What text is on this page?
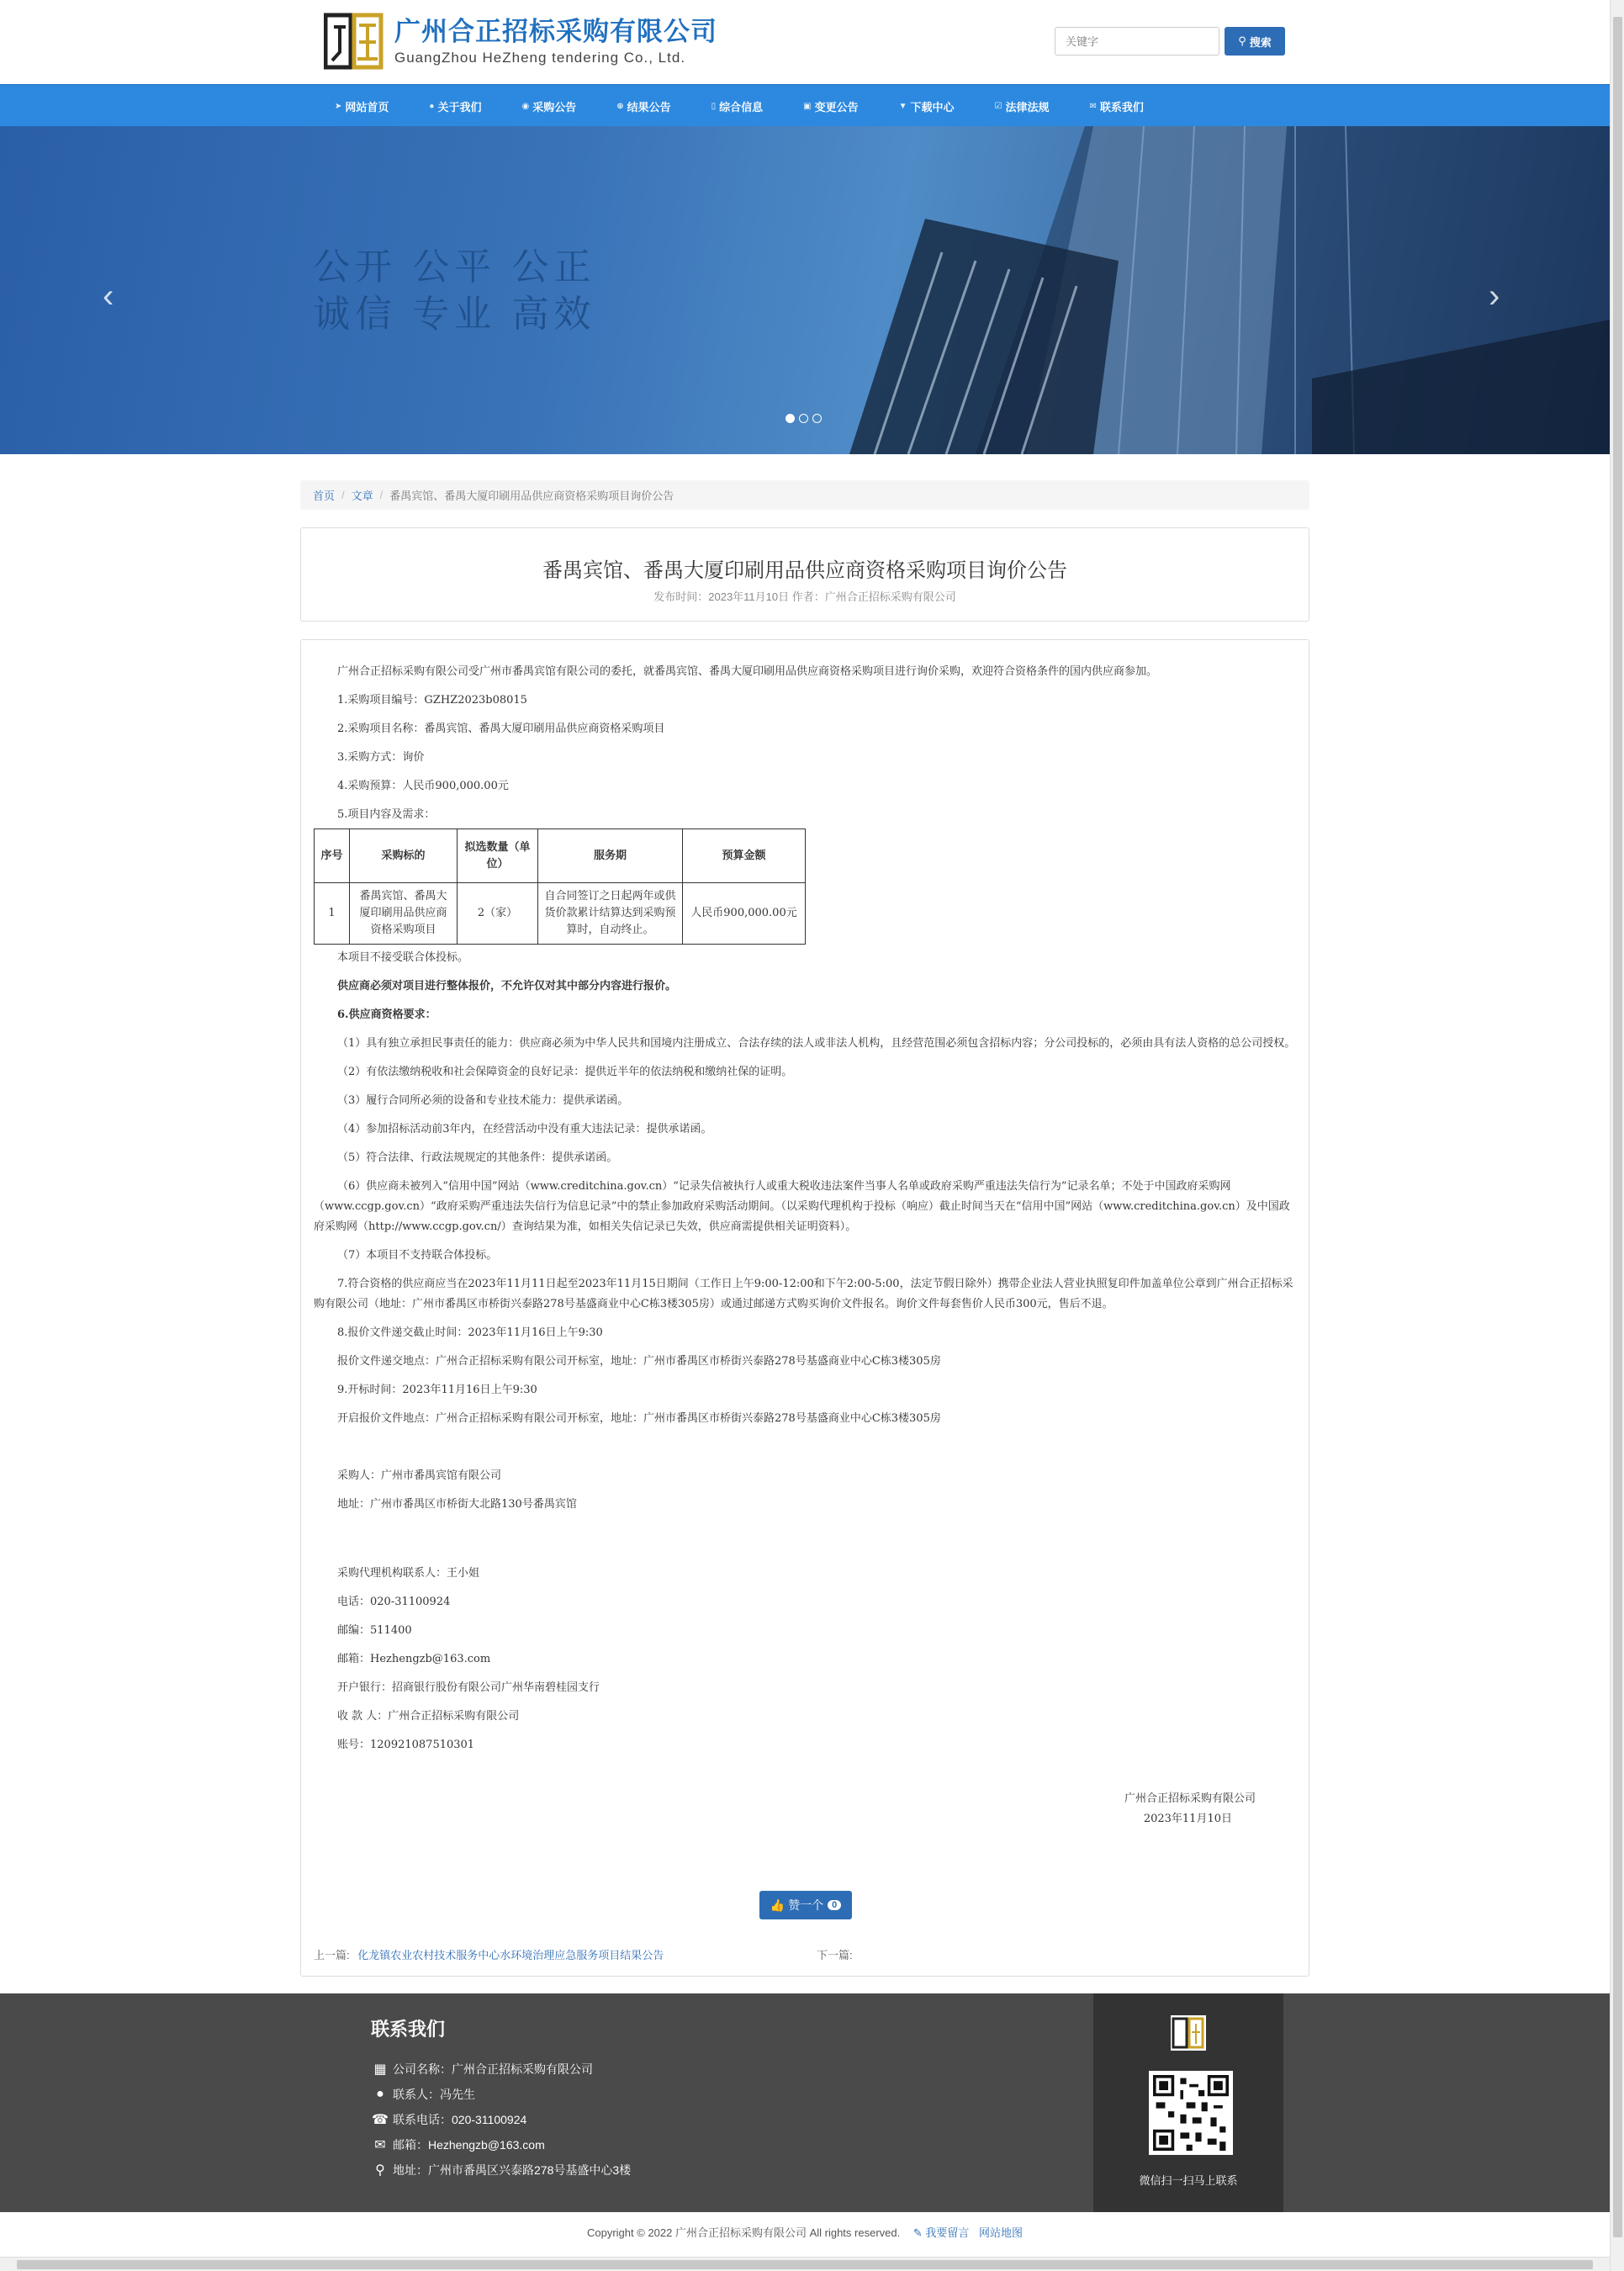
广州合正招标采购有限公司
GuangZhou HeZheng tendering Co., Ltd.
关键字
⚲ 搜索
➤ 网站首页	● 关于我们	◉ 采购公告	⊕ 结果公告	▯ 综合信息	▣ 变更公告	▼ 下载中心	☑ 法律法规	✉ 联系我们
公开 公平 公正
诚信 专业 高效
‹	›
首页 / 文章 / 番禺宾馆、番禺大厦印刷用品供应商资格采购项目询价公告
番禺宾馆、番禺大厦印刷用品供应商资格采购项目询价公告
发布时间：2023年11月10日 作者：广州合正招标采购有限公司
广州合正招标采购有限公司受广州市番禺宾馆有限公司的委托，就番禺宾馆、番禺大厦印刷用品供应商资格采购项目进行询价采购，欢迎符合资格条件的国内供应商参加。
1.采购项目编号：GZHZ2023b08015
2.采购项目名称：番禺宾馆、番禺大厦印刷用品供应商资格采购项目
3.采购方式：询价
4.采购预算：人民币900,000.00元
5.项目内容及需求：
序号	采购标的	拟选数量（单位）	服务期	预算金额
1	番禺宾馆、番禺大厦印刷用品供应商资格采购项目	2（家）	自合同签订之日起两年或供货价款累计结算达到采购预算时，自动终止。	人民币900,000.00元
本项目不接受联合体投标。
供应商必须对项目进行整体报价，不允许仅对其中部分内容进行报价。
6.供应商资格要求：
（1）具有独立承担民事责任的能力：供应商必须为中华人民共和国境内注册成立、合法存续的法人或非法人机构，且经营范围必须包含招标内容；分公司投标的，必须由具有法人资格的总公司授权。
（2）有依法缴纳税收和社会保障资金的良好记录：提供近半年的依法纳税和缴纳社保的证明。
（3）履行合同所必须的设备和专业技术能力：提供承诺函。
（4）参加招标活动前3年内，在经营活动中没有重大违法记录：提供承诺函。
（5）符合法律、行政法规规定的其他条件：提供承诺函。
（6）供应商未被列入“信用中国”网站（www.creditchina.gov.cn）“记录失信被执行人或重大税收违法案件当事人名单或政府采购严重违法失信行为”记录名单；不处于中国政府采购网（www.ccgp.gov.cn）“政府采购严重违法失信行为信息记录”中的禁止参加政府采购活动期间。（以采购代理机构于投标（响应）截止时间当天在“信用中国”网站（www.creditchina.gov.cn）及中国政府采购网（http://www.ccgp.gov.cn/）查询结果为准，如相关失信记录已失效，供应商需提供相关证明资料）。
（7）本项目不支持联合体投标。
7.符合资格的供应商应当在2023年11月11日起至2023年11月15日期间（工作日上午9:00-12:00和下午2:00-5:00，法定节假日除外）携带企业法人营业执照复印件加盖单位公章到广州合正招标采购有限公司（地址：广州市番禺区市桥街兴泰路278号基盛商业中心C栋3楼305房）或通过邮递方式购买询价文件报名。询价文件每套售价人民币300元，售后不退。
8.报价文件递交截止时间：2023年11月16日上午9:30
报价文件递交地点：广州合正招标采购有限公司开标室，地址：广州市番禺区市桥街兴泰路278号基盛商业中心C栋3楼305房
9.开标时间：2023年11月16日上午9:30
开启报价文件地点：广州合正招标采购有限公司开标室，地址：广州市番禺区市桥街兴泰路278号基盛商业中心C栋3楼305房
采购人：广州市番禺宾馆有限公司
地址：广州市番禺区市桥街大北路130号番禺宾馆
采购代理机构联系人：王小姐
电话：020-31100924
邮编：511400
邮箱：Hezhengzb@163.com
开户银行：招商银行股份有限公司广州华南碧桂园支行
收 款 人：广州合正招标采购有限公司
账号：120921087510301
广州合正招标采购有限公司
2023年11月10日
👍 赞一个 0
上一篇: 化龙镇农业农村技术服务中心水环境治理应急服务项目结果公告	下一篇:
联系我们
▦ 公司名称：广州合正招标采购有限公司
● 联系人：冯先生
☎ 联系电话：020-31100924
✉ 邮箱：Hezhengzb@163.com
⚲ 地址：广州市番禺区兴泰路278号基盛中心3楼
微信扫一扫马上联系
Copyright © 2022 广州合正招标采购有限公司 All rights reserved. ✎ 我要留言 网站地图
